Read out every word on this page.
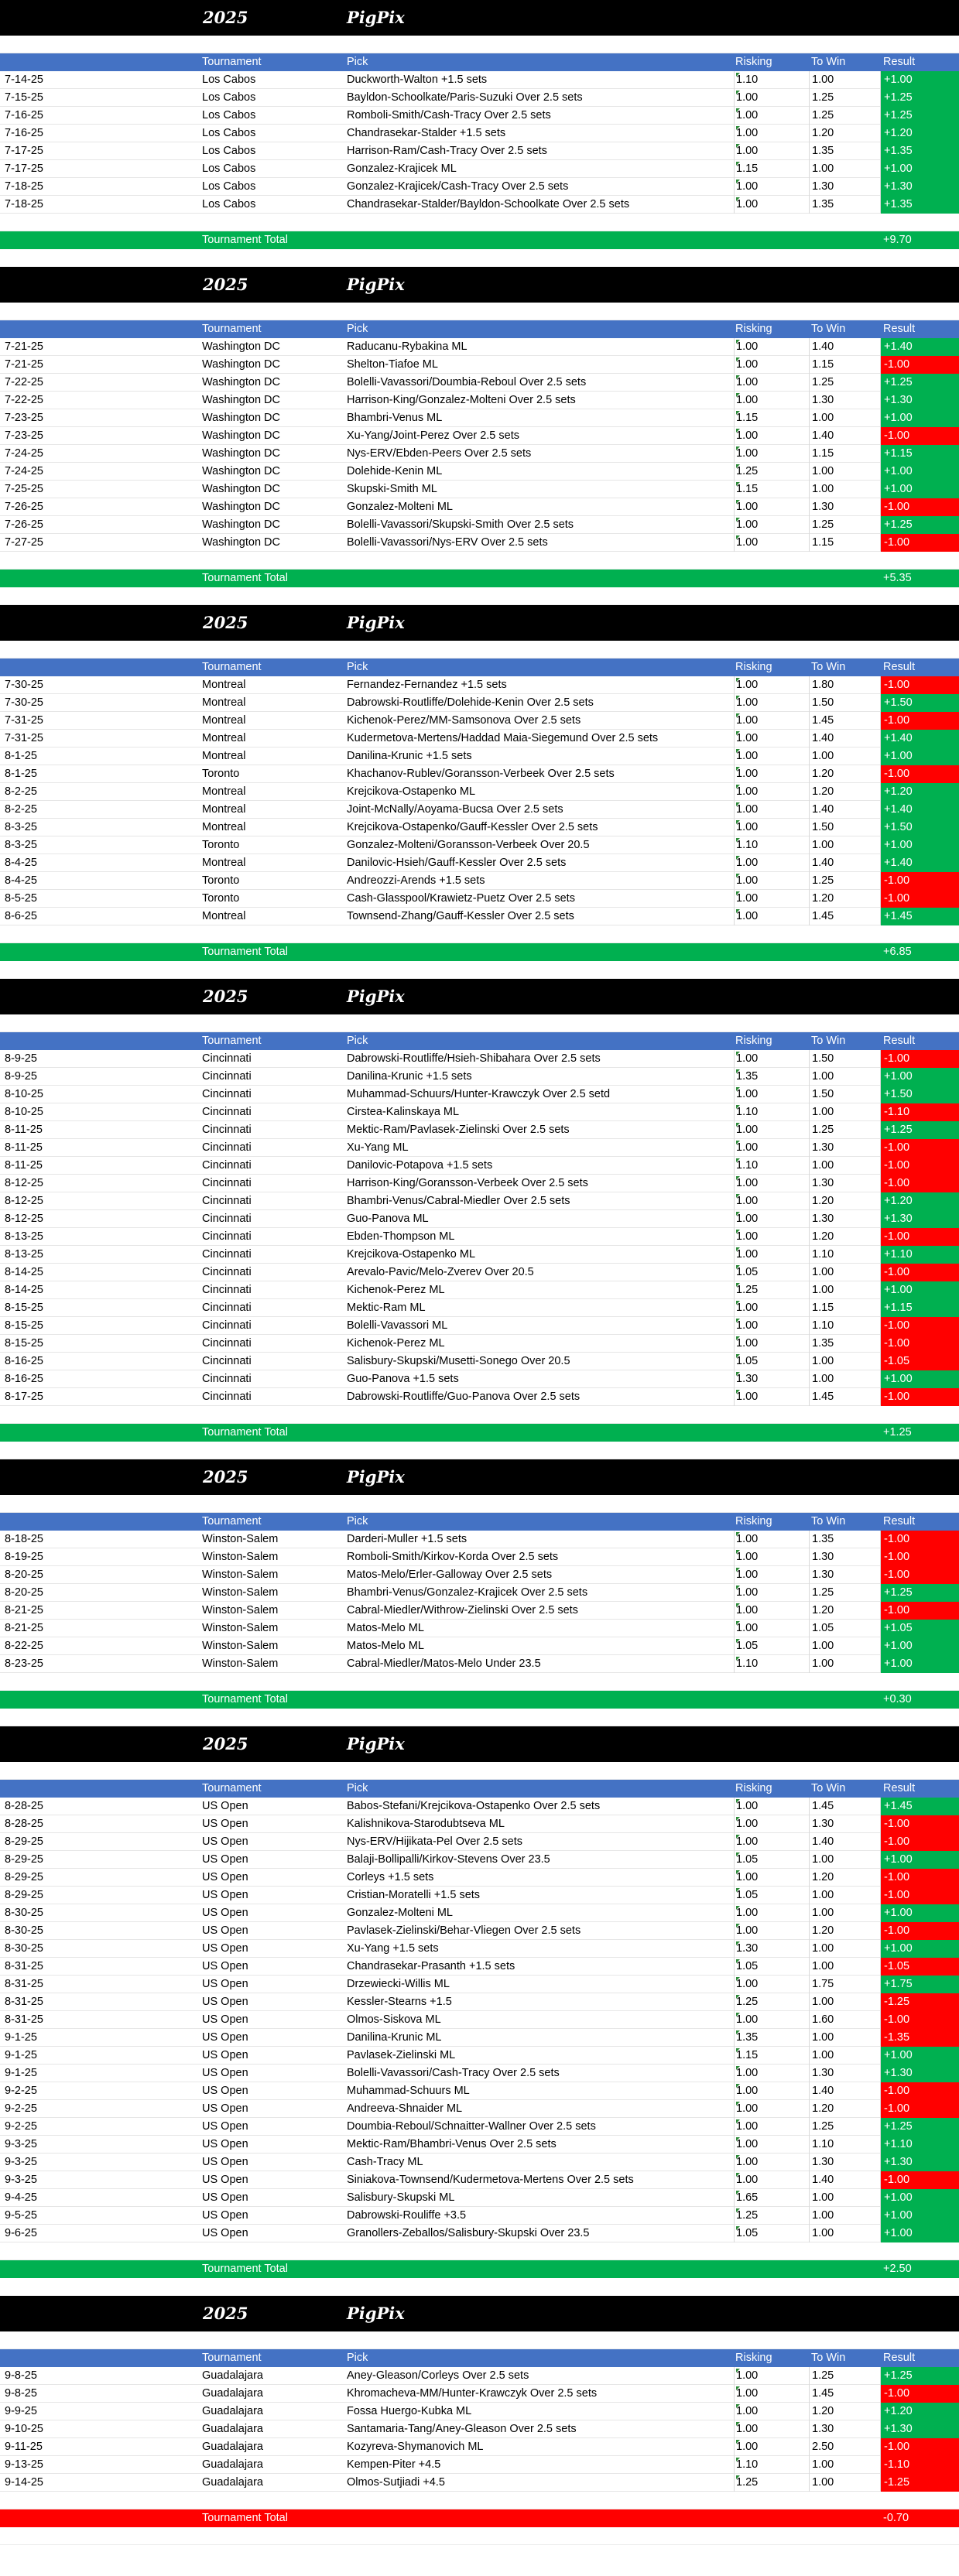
2025	PigPix
Tournament	Pick	Risking	To Win	Result
7-14-25	Los Cabos	Duckworth-Walton +1.5 sets	1.10	1.00	+1.00
7-15-25	Los Cabos	Bayldon-Schoolkate/Paris-Suzuki Over 2.5 sets	1.00	1.25	+1.25
7-16-25	Los Cabos	Romboli-Smith/Cash-Tracy Over 2.5 sets	1.00	1.25	+1.25
7-16-25	Los Cabos	Chandrasekar-Stalder +1.5 sets	1.00	1.20	+1.20
7-17-25	Los Cabos	Harrison-Ram/Cash-Tracy Over 2.5 sets	1.00	1.35	+1.35
7-17-25	Los Cabos	Gonzalez-Krajicek ML	1.15	1.00	+1.00
7-18-25	Los Cabos	Gonzalez-Krajicek/Cash-Tracy Over 2.5 sets	1.00	1.30	+1.30
7-18-25	Los Cabos	Chandrasekar-Stalder/Bayldon-Schoolkate Over 2.5 sets	1.00	1.35	+1.35
Tournament Total	+9.70
2025	PigPix
Tournament	Pick	Risking	To Win	Result
7-21-25	Washington DC	Raducanu-Rybakina ML	1.00	1.40	+1.40
7-21-25	Washington DC	Shelton-Tiafoe ML	1.00	1.15	-1.00
7-22-25	Washington DC	Bolelli-Vavassori/Doumbia-Reboul Over 2.5 sets	1.00	1.25	+1.25
7-22-25	Washington DC	Harrison-King/Gonzalez-Molteni Over 2.5 sets	1.00	1.30	+1.30
7-23-25	Washington DC	Bhambri-Venus ML	1.15	1.00	+1.00
7-23-25	Washington DC	Xu-Yang/Joint-Perez Over 2.5 sets	1.00	1.40	-1.00
7-24-25	Washington DC	Nys-ERV/Ebden-Peers Over 2.5 sets	1.00	1.15	+1.15
7-24-25	Washington DC	Dolehide-Kenin ML	1.25	1.00	+1.00
7-25-25	Washington DC	Skupski-Smith ML	1.15	1.00	+1.00
7-26-25	Washington DC	Gonzalez-Molteni ML	1.00	1.30	-1.00
7-26-25	Washington DC	Bolelli-Vavassori/Skupski-Smith Over 2.5 sets	1.00	1.25	+1.25
7-27-25	Washington DC	Bolelli-Vavassori/Nys-ERV Over 2.5 sets	1.00	1.15	-1.00
Tournament Total	+5.35
2025	PigPix
Tournament	Pick	Risking	To Win	Result
7-30-25	Montreal	Fernandez-Fernandez +1.5 sets	1.00	1.80	-1.00
7-30-25	Montreal	Dabrowski-Routliffe/Dolehide-Kenin Over 2.5 sets	1.00	1.50	+1.50
7-31-25	Montreal	Kichenok-Perez/MM-Samsonova Over 2.5 sets	1.00	1.45	-1.00
7-31-25	Montreal	Kudermetova-Mertens/Haddad Maia-Siegemund Over 2.5 sets	1.00	1.40	+1.40
8-1-25	Montreal	Danilina-Krunic +1.5 sets	1.00	1.00	+1.00
8-1-25	Toronto	Khachanov-Rublev/Goransson-Verbeek Over 2.5 sets	1.00	1.20	-1.00
8-2-25	Montreal	Krejcikova-Ostapenko ML	1.00	1.20	+1.20
8-2-25	Montreal	Joint-McNally/Aoyama-Bucsa Over 2.5 sets	1.00	1.40	+1.40
8-3-25	Montreal	Krejcikova-Ostapenko/Gauff-Kessler Over 2.5 sets	1.00	1.50	+1.50
8-3-25	Toronto	Gonzalez-Molteni/Goransson-Verbeek Over 20.5	1.10	1.00	+1.00
8-4-25	Montreal	Danilovic-Hsieh/Gauff-Kessler Over 2.5 sets	1.00	1.40	+1.40
8-4-25	Toronto	Andreozzi-Arends +1.5 sets	1.00	1.25	-1.00
8-5-25	Toronto	Cash-Glasspool/Krawietz-Puetz Over 2.5 sets	1.00	1.20	-1.00
8-6-25	Montreal	Townsend-Zhang/Gauff-Kessler Over 2.5 sets	1.00	1.45	+1.45
Tournament Total	+6.85
2025	PigPix
Tournament	Pick	Risking	To Win	Result
8-9-25	Cincinnati	Dabrowski-Routliffe/Hsieh-Shibahara Over 2.5 sets	1.00	1.50	-1.00
8-9-25	Cincinnati	Danilina-Krunic +1.5 sets	1.35	1.00	+1.00
8-10-25	Cincinnati	Muhammad-Schuurs/Hunter-Krawczyk Over 2.5 setd	1.00	1.50	+1.50
8-10-25	Cincinnati	Cirstea-Kalinskaya ML	1.10	1.00	-1.10
8-11-25	Cincinnati	Mektic-Ram/Pavlasek-Zielinski Over 2.5 sets	1.00	1.25	+1.25
8-11-25	Cincinnati	Xu-Yang ML	1.00	1.30	-1.00
8-11-25	Cincinnati	Danilovic-Potapova +1.5 sets	1.10	1.00	-1.00
8-12-25	Cincinnati	Harrison-King/Goransson-Verbeek Over 2.5 sets	1.00	1.30	-1.00
8-12-25	Cincinnati	Bhambri-Venus/Cabral-Miedler Over 2.5 sets	1.00	1.20	+1.20
8-12-25	Cincinnati	Guo-Panova ML	1.00	1.30	+1.30
8-13-25	Cincinnati	Ebden-Thompson ML	1.00	1.20	-1.00
8-13-25	Cincinnati	Krejcikova-Ostapenko ML	1.00	1.10	+1.10
8-14-25	Cincinnati	Arevalo-Pavic/Melo-Zverev Over 20.5	1.05	1.00	-1.00
8-14-25	Cincinnati	Kichenok-Perez ML	1.25	1.00	+1.00
8-15-25	Cincinnati	Mektic-Ram ML	1.00	1.15	+1.15
8-15-25	Cincinnati	Bolelli-Vavassori ML	1.00	1.10	-1.00
8-15-25	Cincinnati	Kichenok-Perez ML	1.00	1.35	-1.00
8-16-25	Cincinnati	Salisbury-Skupski/Musetti-Sonego Over 20.5	1.05	1.00	-1.05
8-16-25	Cincinnati	Guo-Panova +1.5 sets	1.30	1.00	+1.00
8-17-25	Cincinnati	Dabrowski-Routliffe/Guo-Panova Over 2.5 sets	1.00	1.45	-1.00
Tournament Total	+1.25
2025	PigPix
Tournament	Pick	Risking	To Win	Result
8-18-25	Winston-Salem	Darderi-Muller +1.5 sets	1.00	1.35	-1.00
8-19-25	Winston-Salem	Romboli-Smith/Kirkov-Korda Over 2.5 sets	1.00	1.30	-1.00
8-20-25	Winston-Salem	Matos-Melo/Erler-Galloway Over 2.5 sets	1.00	1.30	-1.00
8-20-25	Winston-Salem	Bhambri-Venus/Gonzalez-Krajicek Over 2.5 sets	1.00	1.25	+1.25
8-21-25	Winston-Salem	Cabral-Miedler/Withrow-Zielinski Over 2.5 sets	1.00	1.20	-1.00
8-21-25	Winston-Salem	Matos-Melo ML	1.00	1.05	+1.05
8-22-25	Winston-Salem	Matos-Melo ML	1.05	1.00	+1.00
8-23-25	Winston-Salem	Cabral-Miedler/Matos-Melo Under 23.5	1.10	1.00	+1.00
Tournament Total	+0.30
2025	PigPix
Tournament	Pick	Risking	To Win	Result
8-28-25	US Open	Babos-Stefani/Krejcikova-Ostapenko Over 2.5 sets	1.00	1.45	+1.45
8-28-25	US Open	Kalishnikova-Starodubtseva ML	1.00	1.30	-1.00
8-29-25	US Open	Nys-ERV/Hijikata-Pel Over 2.5 sets	1.00	1.40	-1.00
8-29-25	US Open	Balaji-Bollipalli/Kirkov-Stevens Over 23.5	1.05	1.00	+1.00
8-29-25	US Open	Corleys +1.5 sets	1.00	1.20	-1.00
8-29-25	US Open	Cristian-Moratelli +1.5 sets	1.05	1.00	-1.00
8-30-25	US Open	Gonzalez-Molteni ML	1.00	1.00	+1.00
8-30-25	US Open	Pavlasek-Zielinski/Behar-Vliegen Over 2.5 sets	1.00	1.20	-1.00
8-30-25	US Open	Xu-Yang +1.5 sets	1.30	1.00	+1.00
8-31-25	US Open	Chandrasekar-Prasanth +1.5 sets	1.05	1.00	-1.05
8-31-25	US Open	Drzewiecki-Willis ML	1.00	1.75	+1.75
8-31-25	US Open	Kessler-Stearns +1.5	1.25	1.00	-1.25
8-31-25	US Open	Olmos-Siskova ML	1.00	1.60	-1.00
9-1-25	US Open	Danilina-Krunic ML	1.35	1.00	-1.35
9-1-25	US Open	Pavlasek-Zielinski ML	1.15	1.00	+1.00
9-1-25	US Open	Bolelli-Vavassori/Cash-Tracy Over 2.5 sets	1.00	1.30	+1.30
9-2-25	US Open	Muhammad-Schuurs ML	1.00	1.40	-1.00
9-2-25	US Open	Andreeva-Shnaider ML	1.00	1.20	-1.00
9-2-25	US Open	Doumbia-Reboul/Schnaitter-Wallner Over 2.5 sets	1.00	1.25	+1.25
9-3-25	US Open	Mektic-Ram/Bhambri-Venus Over 2.5 sets	1.00	1.10	+1.10
9-3-25	US Open	Cash-Tracy ML	1.00	1.30	+1.30
9-3-25	US Open	Siniakova-Townsend/Kudermetova-Mertens Over 2.5 sets	1.00	1.40	-1.00
9-4-25	US Open	Salisbury-Skupski ML	1.65	1.00	+1.00
9-5-25	US Open	Dabrowski-Rouliffe +3.5	1.25	1.00	+1.00
9-6-25	US Open	Granollers-Zeballos/Salisbury-Skupski Over 23.5	1.05	1.00	+1.00
Tournament Total	+2.50
2025	PigPix
Tournament	Pick	Risking	To Win	Result
9-8-25	Guadalajara	Aney-Gleason/Corleys Over 2.5 sets	1.00	1.25	+1.25
9-8-25	Guadalajara	Khromacheva-MM/Hunter-Krawczyk Over 2.5 sets	1.00	1.45	-1.00
9-9-25	Guadalajara	Fossa Huergo-Kubka ML	1.00	1.20	+1.20
9-10-25	Guadalajara	Santamaria-Tang/Aney-Gleason Over 2.5 sets	1.00	1.30	+1.30
9-11-25	Guadalajara	Kozyreva-Shymanovich ML	1.00	2.50	-1.00
9-13-25	Guadalajara	Kempen-Piter +4.5	1.10	1.00	-1.10
9-14-25	Guadalajara	Olmos-Sutjiadi +4.5	1.25	1.00	-1.25
Tournament Total	-0.70
